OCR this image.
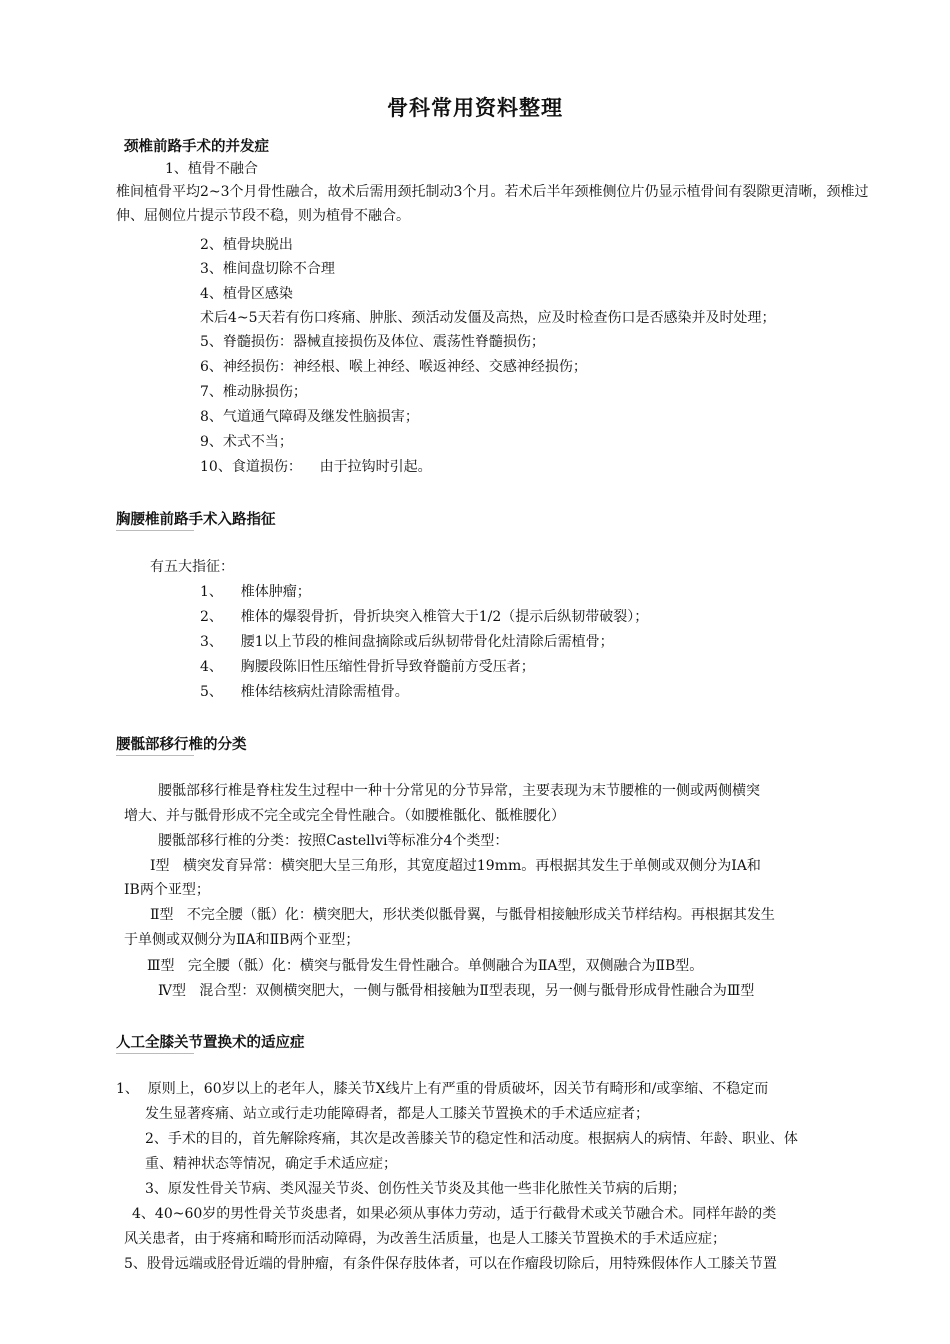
骨科常用资料整理
颈椎前路手术的并发症
1、植骨不融合
椎间植骨平均2~3个月骨性融合，故术后需用颈托制动3个月。若术后半年颈椎侧位片仍显示植骨间有裂隙更清晰，颈椎过伸、屈侧位片提示节段不稳，则为植骨不融合。
2、植骨块脱出
3、椎间盘切除不合理
4、植骨区感染
术后4~5天若有伤口疼痛、肿胀、颈活动发僵及高热，应及时检查伤口是否感染并及时处理；
5、脊髓损伤：器械直接损伤及体位、震荡性脊髓损伤；
6、神经损伤：神经根、喉上神经、喉返神经、交感神经损伤；
7、椎动脉损伤；
8、气道通气障碍及继发性脑损害；
9、术式不当；
10、食道损伤：    由于拉钩时引起。
胸腰椎前路手术入路指征
有五大指征：
1、    椎体肿瘤；
2、    椎体的爆裂骨折，骨折块突入椎管大于1/2（提示后纵韧带破裂）；
3、    腰1以上节段的椎间盘摘除或后纵韧带骨化灶清除后需植骨；
4、    胸腰段陈旧性压缩性骨折导致脊髓前方受压者；
5、    椎体结核病灶清除需植骨。
腰骶部移行椎的分类
腰骶部移行椎是脊柱发生过程中一种十分常见的分节异常，主要表现为末节腰椎的一侧或两侧横突
增大、并与骶骨形成不完全或完全骨性融合。（如腰椎骶化、骶椎腰化）
腰骶部移行椎的分类：按照Castellvi等标准分4个类型：
Ⅰ型   横突发育异常：横突肥大呈三角形，其宽度超过19mm。再根据其发生于单侧或双侧分为ⅠA和
ⅠB两个亚型；
Ⅱ型   不完全腰（骶）化：横突肥大，形状类似骶骨翼，与骶骨相接触形成关节样结构。再根据其发生
于单侧或双侧分为ⅡA和ⅡB两个亚型；
Ⅲ型   完全腰（骶）化：横突与骶骨发生骨性融合。单侧融合为ⅡA型，双侧融合为ⅡB型。
Ⅳ型   混合型：双侧横突肥大，一侧与骶骨相接触为Ⅱ型表现，另一侧与骶骨形成骨性融合为Ⅲ型
人工全膝关节置换术的适应症
1、  原则上，60岁以上的老年人，膝关节X线片上有严重的骨质破坏，因关节有畸形和/或挛缩、不稳定而
发生显著疼痛、站立或行走功能障碍者，都是人工膝关节置换术的手术适应症者；
2、手术的目的，首先解除疼痛，其次是改善膝关节的稳定性和活动度。根据病人的病情、年龄、职业、体
重、精神状态等情况，确定手术适应症；
3、原发性骨关节病、类风湿关节炎、创伤性关节炎及其他一些非化脓性关节病的后期；
4、40~60岁的男性骨关节炎患者，如果必须从事体力劳动，适于行截骨术或关节融合术。同样年龄的类
风关患者，由于疼痛和畸形而活动障碍，为改善生活质量，也是人工膝关节置换术的手术适应症；
5、股骨远端或胫骨近端的骨肿瘤，有条件保存肢体者，可以在作瘤段切除后，用特殊假体作人工膝关节置
